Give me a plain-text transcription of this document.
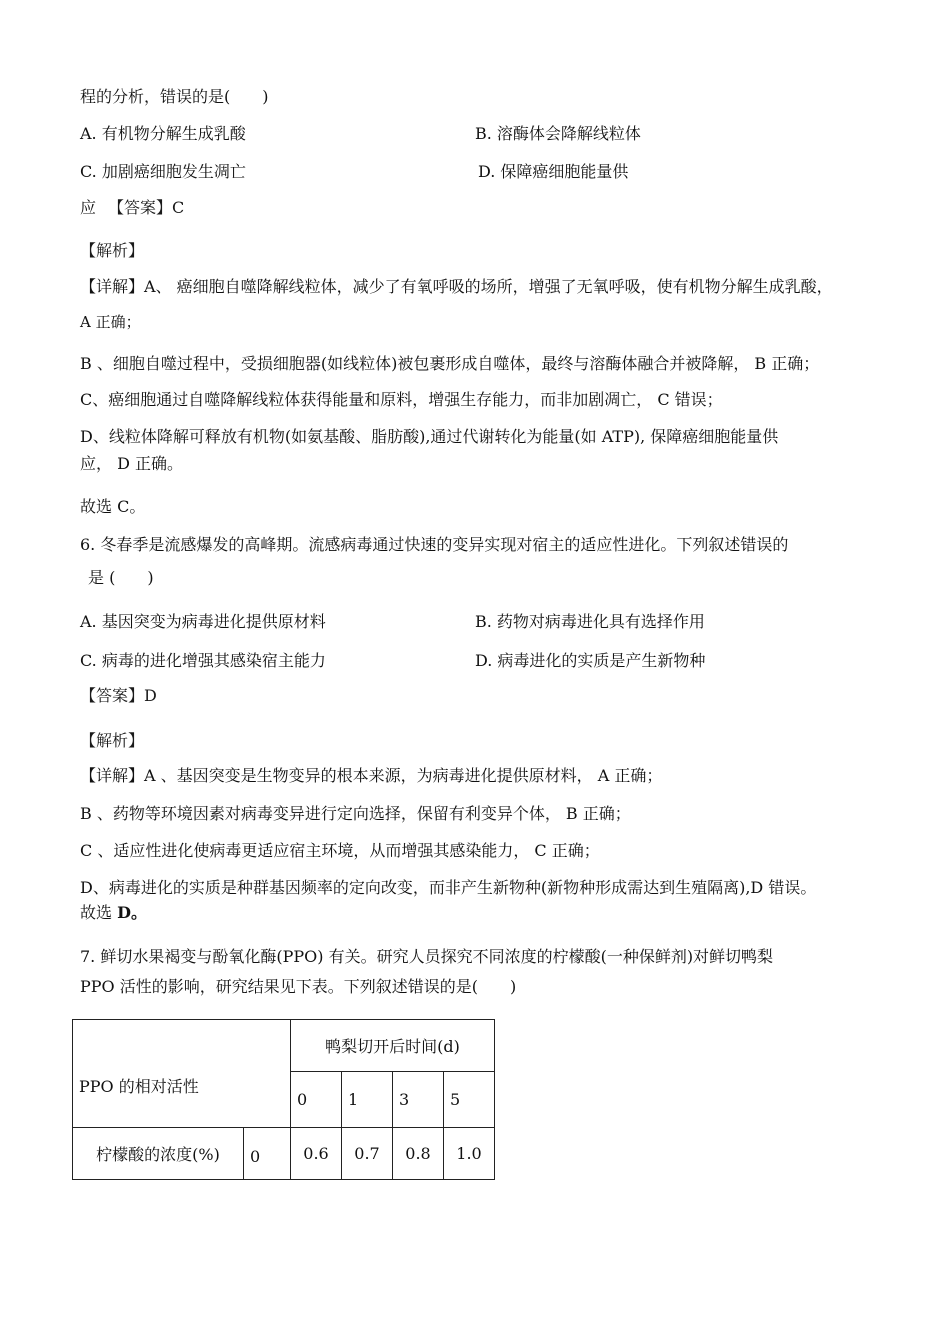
程的分析，错误的是(　　)
A. 有机物分解生成乳酸	B. 溶酶体会降解线粒体
C. 加剧癌细胞发生凋亡	D. 保障癌细胞能量供
应 【答案】C
【解析】
【详解】A、 癌细胞自噬降解线粒体，减少了有氧呼吸的场所，增强了无氧呼吸，使有机物分解生成乳酸，
A 正确；
B 、细胞自噬过程中，受损细胞器(如线粒体)被包裹形成自噬体，最终与溶酶体融合并被降解， B 正确；
C、癌细胞通过自噬降解线粒体获得能量和原料，增强生存能力，而非加剧凋亡， C 错误；
D、线粒体降解可释放有机物(如氨基酸、脂肪酸),通过代谢转化为能量(如 ATP), 保障癌细胞能量供
应， D 正确。
故选 C。
6. 冬春季是流感爆发的高峰期。流感病毒通过快速的变异实现对宿主的适应性进化。下列叙述错误的
是 (　　)
A. 基因突变为病毒进化提供原材料	B. 药物对病毒进化具有选择作用
C. 病毒的进化增强其感染宿主能力	D. 病毒进化的实质是产生新物种
【答案】D
【解析】
【详解】A 、基因突变是生物变异的根本来源，为病毒进化提供原材料， A 正确；
B 、药物等环境因素对病毒变异进行定向选择，保留有利变异个体， B 正确；
C 、适应性进化使病毒更适应宿主环境，从而增强其感染能力， C 正确；
D、病毒进化的实质是种群基因频率的定向改变，而非产生新物种(新物种形成需达到生殖隔离),D 错误。
故选 D。
7. 鲜切水果褐变与酚氧化酶(PPO) 有关。研究人员探究不同浓度的柠檬酸(一种保鲜剂)对鲜切鸭梨
PPO 活性的影响，研究结果见下表。下列叙述错误的是(　　)
PPO 的相对活性		鸭梨切开后时间(d)			
		0	1	3	5
柠檬酸的浓度(%)	0	0.6	0.7	0.8	1.0
